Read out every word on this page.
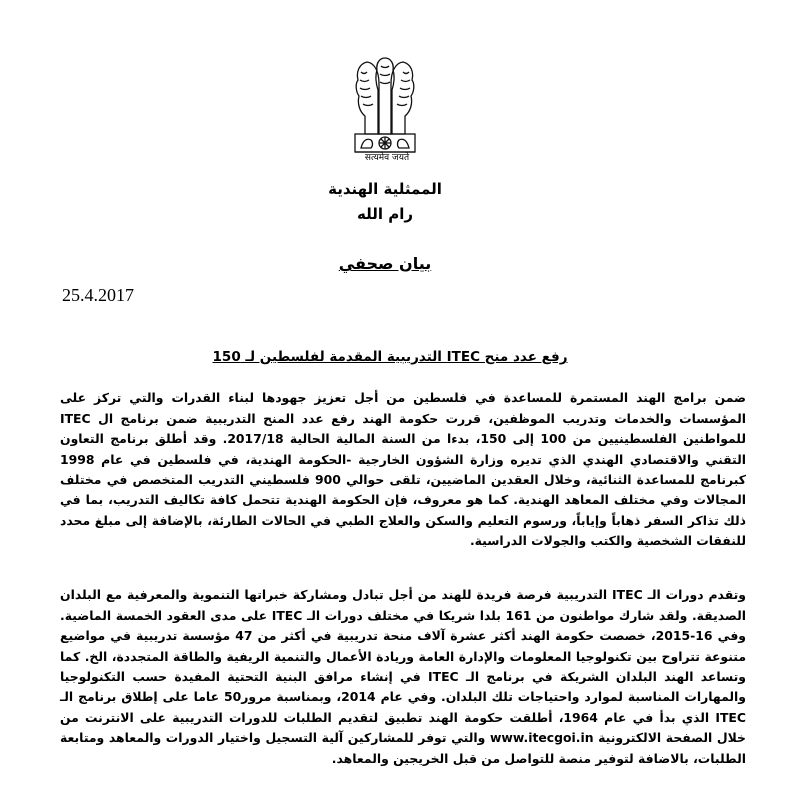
सत्यमेव जयते
الممثلية الهندية
رام الله
بيان صحفي
25.4.2017
رفع عدد منح ITEC التدريبية المقدمة لفلسطين لـ 150

ضمن برامج الهند المستمرة للمساعدة في فلسطين من أجل تعزيز جهودها لبناء القدرات والتي تركز على المؤسسات والخدمات وتدريب الموظفين، قررت حكومة الهند رفع عدد المنح التدريبية ضمن برنامج ال ITEC للمواطنين الفلسطينيين من 100 إلى 150، بدءا من السنة المالية الحالية 2017/18. وقد أطلق برنامج التعاون التقني والاقتصادي الهندي الذي تديره وزارة الشؤون الخارجية -الحكومة الهندية، في فلسطين في عام 1998 كبرنامج للمساعدة الثنائية، وخلال العقدين الماضيين، تلقى حوالي 900 فلسطيني التدريب المتخصص في مختلف المجالات وفي مختلف المعاهد الهندية. كما هو معروف، فإن الحكومة الهندية تتحمل كافة تكاليف التدريب، بما في ذلك تذاكر السفر ذهاباً وإياباً، ورسوم التعليم والسكن والعلاج الطبي في الحالات الطارئة، بالإضافة إلى مبلغ محدد للنفقات الشخصية والكتب والجولات الدراسية.

وتقدم دورات الـ ITEC التدريبية فرصة فريدة للهند من أجل تبادل ومشاركة خبراتها التنموية والمعرفية مع البلدان الصديقة. ولقد شارك مواطنون من 161 بلدا شريكا في مختلف دورات الـ ITEC على مدى العقود الخمسة الماضية. وفي 16-2015، خصصت حكومة الهند أكثر عشرة آلاف منحة تدريبية في أكثر من 47 مؤسسة تدريبية في مواضيع متنوعة تتراوح بين تكنولوجيا المعلومات والإدارة العامة وريادة الأعمال والتنمية الريفية والطاقة المتجددة، الخ. كما وتساعد الهند البلدان الشريكة في برنامج الـ ITEC في إنشاء مرافق البنية التحتية المفيدة حسب التكنولوجيا والمهارات المناسبة لموارد واحتياجات تلك البلدان. وفي عام 2014، وبمناسبة مرور50 عاما على إطلاق برنامج الـ ITEC الذي بدأ في عام 1964، أطلقت حكومة الهند تطبيق لتقديم الطلبات للدورات التدريبية على الانترنت من خلال الصفحة الالكترونية www.itecgoi.in والتي توفر للمشاركين آلية التسجيل واختيار الدورات والمعاهد ومتابعة الطلبات، بالاضافة لتوفير منصة للتواصل من قبل الخريجين والمعاهد.
